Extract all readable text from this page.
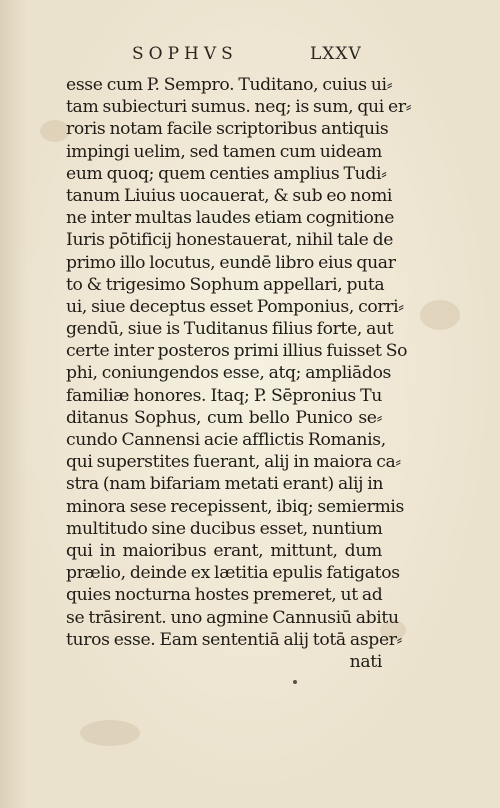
SOPHVS	LXXV
esse cum P. Sempro. Tuditano, cuius ui⸗
tam subiecturi sumus. neq; is sum, qui er⸗
roris notam facile scriptoribus antiquis
impingi uelim, sed tamen cum uideam
eum quoq; quem centies amplius Tudi⸗
tanum Liuius uocauerat, & sub eo nomi
ne inter multas laudes etiam cognitione
Iuris pōtificij honestauerat, nihil tale de
primo illo locutus, eundē libro eius quar
to & trigesimo Sophum appellari, puta
ui, siue deceptus esset Pomponius, corri⸗
gendū, siue is Tuditanus filius forte, aut
certe inter posteros primi illius fuisset So
phi, coniungendos esse, atq; ampliādos
familiæ honores. Itaq; P. Sēpronius Tu
ditanus Sophus, cum bello Punico se⸗
cundo Cannensi acie afflictis Romanis,
qui superstites fuerant, alij in maiora ca⸗
stra (nam bifariam metati erant) alij in
minora sese recepissent, ibiq; semiermis
multitudo sine ducibus esset, nuntium
qui in maioribus erant, mittunt, dum
prælio, deinde ex lætitia epulis fatigatos
quies nocturna hostes premeret, ut ad
se trāsirent. uno agmine Cannusiū abitu
turos esse. Eam sententiā alij totā asper⸗
nati
